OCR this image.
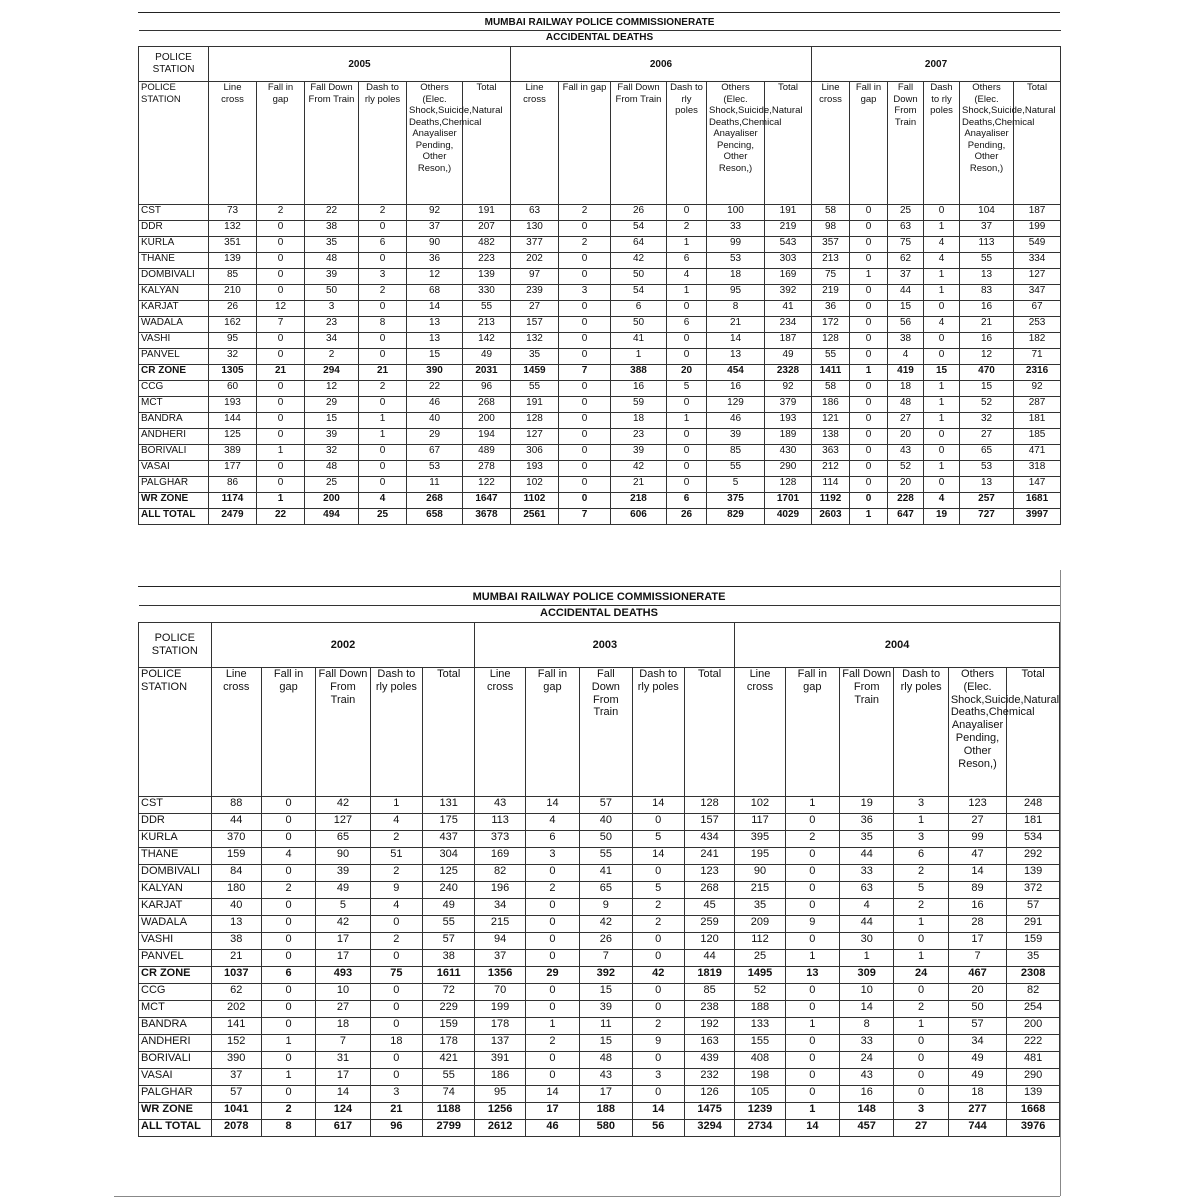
MUMBAI RAILWAY POLICE COMMISSIONERATE																		
ACCIDENTAL DEATHS																		
POLICE STATION	2005						2006						2007					
POLICE STATION	Line cross	Fall in gap	Fall Down From Train	Dash to rly poles	Others (Elec. Shock,Suicide,Natural Deaths,Chemical Anayaliser Pending, Other Reson,)	Total	Line cross	Fall in gap	Fall Down From Train	Dash to rly poles	Others (Elec. Shock,Suicide,Natural Deaths,Chemical Anayaliser Pencing, Other Reson,)	Total	Line cross	Fall in gap	Fall Down From Train	Dash to rly poles	Others (Elec. Shock,Suicide,Natural Deaths,Chemical Anayaliser Pending, Other Reson,)	Total
CST	73	2	22	2	92	191	63	2	26	0	100	191	58	0	25	0	104	187
DDR	132	0	38	0	37	207	130	0	54	2	33	219	98	0	63	1	37	199
KURLA	351	0	35	6	90	482	377	2	64	1	99	543	357	0	75	4	113	549
THANE	139	0	48	0	36	223	202	0	42	6	53	303	213	0	62	4	55	334
DOMBIVALI	85	0	39	3	12	139	97	0	50	4	18	169	75	1	37	1	13	127
KALYAN	210	0	50	2	68	330	239	3	54	1	95	392	219	0	44	1	83	347
KARJAT	26	12	3	0	14	55	27	0	6	0	8	41	36	0	15	0	16	67
WADALA	162	7	23	8	13	213	157	0	50	6	21	234	172	0	56	4	21	253
VASHI	95	0	34	0	13	142	132	0	41	0	14	187	128	0	38	0	16	182
PANVEL	32	0	2	0	15	49	35	0	1	0	13	49	55	0	4	0	12	71
CR ZONE	1305	21	294	21	390	2031	1459	7	388	20	454	2328	1411	1	419	15	470	2316
CCG	60	0	12	2	22	96	55	0	16	5	16	92	58	0	18	1	15	92
MCT	193	0	29	0	46	268	191	0	59	0	129	379	186	0	48	1	52	287
BANDRA	144	0	15	1	40	200	128	0	18	1	46	193	121	0	27	1	32	181
ANDHERI	125	0	39	1	29	194	127	0	23	0	39	189	138	0	20	0	27	185
BORIVALI	389	1	32	0	67	489	306	0	39	0	85	430	363	0	43	0	65	471
VASAI	177	0	48	0	53	278	193	0	42	0	55	290	212	0	52	1	53	318
PALGHAR	86	0	25	0	11	122	102	0	21	0	5	128	114	0	20	0	13	147
WR ZONE	1174	1	200	4	268	1647	1102	0	218	6	375	1701	1192	0	228	4	257	1681
ALL TOTAL	2479	22	494	25	658	3678	2561	7	606	26	829	4029	2603	1	647	19	727	3997
MUMBAI RAILWAY POLICE COMMISSIONERATE																
ACCIDENTAL DEATHS																
POLICE STATION	2002					2003					2004					
POLICE STATION	Line cross	Fall in gap	Fall Down From Train	Dash to rly poles	Total	Line cross	Fall in gap	Fall Down From Train	Dash to rly poles	Total	Line cross	Fall in gap	Fall Down From Train	Dash to rly poles	Others (Elec. Shock,Suicide,Natural Deaths,Chemical Anayaliser Pending, Other Reson,)	Total
CST	88	0	42	1	131	43	14	57	14	128	102	1	19	3	123	248
DDR	44	0	127	4	175	113	4	40	0	157	117	0	36	1	27	181
KURLA	370	0	65	2	437	373	6	50	5	434	395	2	35	3	99	534
THANE	159	4	90	51	304	169	3	55	14	241	195	0	44	6	47	292
DOMBIVALI	84	0	39	2	125	82	0	41	0	123	90	0	33	2	14	139
KALYAN	180	2	49	9	240	196	2	65	5	268	215	0	63	5	89	372
KARJAT	40	0	5	4	49	34	0	9	2	45	35	0	4	2	16	57
WADALA	13	0	42	0	55	215	0	42	2	259	209	9	44	1	28	291
VASHI	38	0	17	2	57	94	0	26	0	120	112	0	30	0	17	159
PANVEL	21	0	17	0	38	37	0	7	0	44	25	1	1	1	7	35
CR ZONE	1037	6	493	75	1611	1356	29	392	42	1819	1495	13	309	24	467	2308
CCG	62	0	10	0	72	70	0	15	0	85	52	0	10	0	20	82
MCT	202	0	27	0	229	199	0	39	0	238	188	0	14	2	50	254
BANDRA	141	0	18	0	159	178	1	11	2	192	133	1	8	1	57	200
ANDHERI	152	1	7	18	178	137	2	15	9	163	155	0	33	0	34	222
BORIVALI	390	0	31	0	421	391	0	48	0	439	408	0	24	0	49	481
VASAI	37	1	17	0	55	186	0	43	3	232	198	0	43	0	49	290
PALGHAR	57	0	14	3	74	95	14	17	0	126	105	0	16	0	18	139
WR ZONE	1041	2	124	21	1188	1256	17	188	14	1475	1239	1	148	3	277	1668
ALL TOTAL	2078	8	617	96	2799	2612	46	580	56	3294	2734	14	457	27	744	3976
